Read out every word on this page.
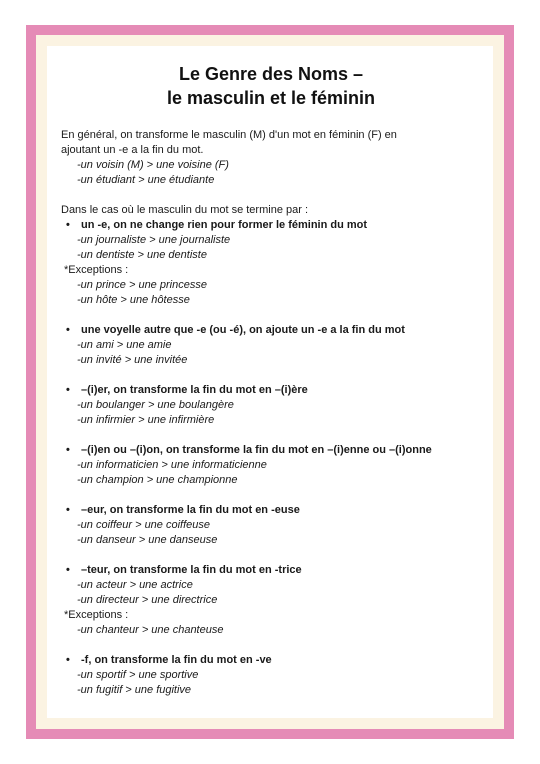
Le Genre des Noms –
le masculin et le féminin

En général, on transforme le masculin (M) d'un mot en féminin (F) en

ajoutant un -e a la fin du mot.

-un voisin (M) > une voisine (F)

-un étudiant > une étudiante

Dans le cas où le masculin du mot se termine par :

• un -e, on ne change rien pour former le féminin du mot

-un journaliste > une journaliste

-un dentiste > une dentiste

*Exceptions :

-un prince > une princesse

-un hôte > une hôtesse

• une voyelle autre que -e (ou -é), on ajoute un -e a la fin du mot

-un ami > une amie

-un invité > une invitée

• –(i)er, on transforme la fin du mot en –(i)ère

-un boulanger > une boulangère

-un infirmier > une infirmière

• –(i)en ou –(i)on, on transforme la fin du mot en –(i)enne ou –(i)onne

-un informaticien > une informaticienne

-un champion > une championne

• –eur, on transforme la fin du mot en -euse

-un coiffeur > une coiffeuse

-un danseur > une danseuse

• –teur, on transforme la fin du mot en -trice

-un acteur > une actrice

-un directeur > une directrice

*Exceptions :

-un chanteur > une chanteuse

• -f, on transforme la fin du mot en -ve

-un sportif > une sportive

-un fugitif > une fugitive
